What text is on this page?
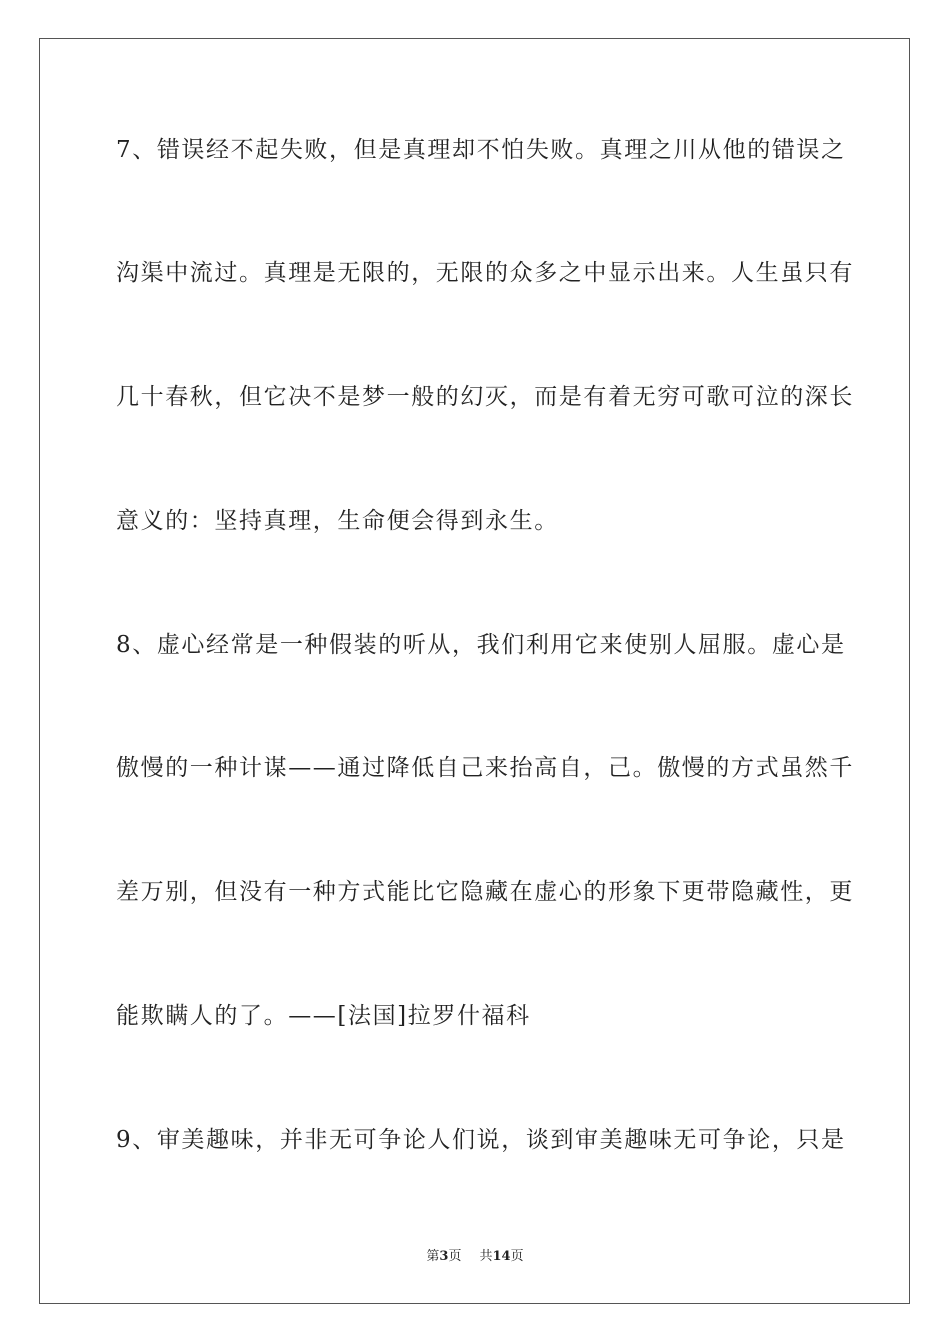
7、错误经不起失败，但是真理却不怕失败。真理之川从他的错误之
沟渠中流过。真理是无限的，无限的众多之中显示出来。人生虽只有
几十春秋，但它决不是梦一般的幻灭，而是有着无穷可歌可泣的深长
意义的：坚持真理，生命便会得到永生。
8、虚心经常是一种假装的听从，我们利用它来使别人屈服。虚心是
傲慢的一种计谋——通过降低自己来抬高自，己。傲慢的方式虽然千
差万别，但没有一种方式能比它隐藏在虚心的形象下更带隐藏性，更
能欺瞒人的了。——[法国]拉罗什福科
9、审美趣味，并非无可争论人们说，谈到审美趣味无可争论，只是
第3页 共14页
